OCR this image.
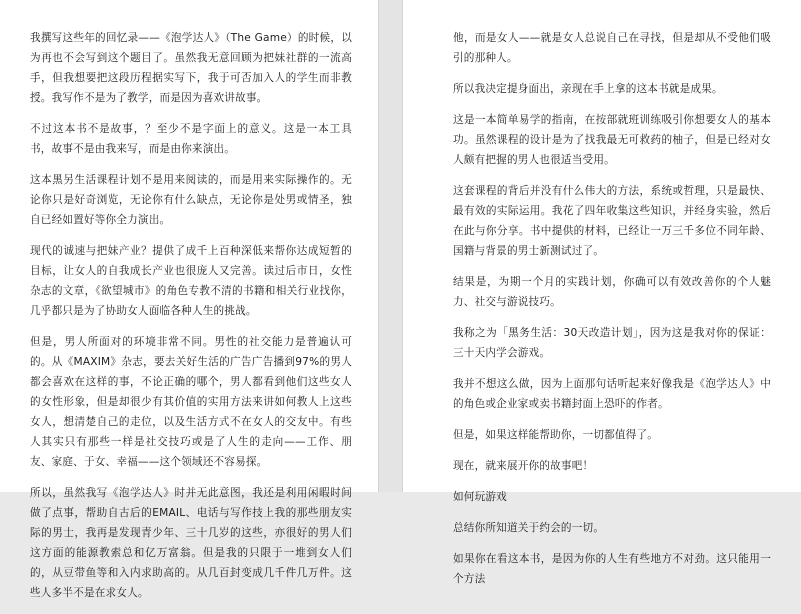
我撰写这些年的回忆录——《泡学达人》（The Game）的时候，以为再也不会写到这个题目了。虽然我无意回顾为把妹社群的一流高手，但我想要把这段历程据实写下，我于可否加入人的学生而非教授。我写作不是为了教学，而是因为喜欢讲故事。

不过这本书不是故事，？至少不是字面上的意义。这是一本工具书，故事不是由我来写，而是由你来演出。

这本黑另生活课程计划不是用来阅读的，而是用来实际操作的。无论你只是好奇浏览，无论你有什么缺点，无论你是处男或情圣，独自已经如置好等你全力演出。

现代的诚速与把妹产业？提供了成千上百种深低来帮你达成短暂的目标，让女人的自我成长产业也很庞人又完善。读过后市日，女性杂志的文章，《欲望城市》的角色专教不清的书籍和相关行业找你，几乎都只是为了协助女人面临各种人生的挑战。

但是，男人所面对的环境非常不同。男性的社交能力是普遍认可的。从《MAXIM》杂志，要去关好生活的广告广告播到97%的男人都会喜欢在这样的事，不论正确的哪个，男人都看到他们这些女人的女性形象，但是却很少有其价值的实用方法来讲如何教人上这些女人，想清楚自己的走位，以及生活方式不在女人的交友中。有些人其实只有那些一样是社交技巧或是了人生的走向——工作、朋友、家庭、于女、幸福——这个领域还不容易探。

所以，虽然我写《泡学达人》时并无此意图，我还是利用闲暇时间做了点事，帮助自古后的EMAIL、电话与写作技上我的那些朋友实际的男士，我再是发现青少年、三十几岁的这些，亦很好的男人们这方面的能源教索总和亿万富翁。但是我的只限于一堆到女人们的，从豆带鱼等和入内求助高的。从几百封变成几千件几万件。这些人多半不是在求女人。

他，而是女人——就是女人总说自己在寻找，但是却从不受他们吸引的那种人。

所以我决定提身面出，亲现在手上拿的这本书就是成果。

这是一本简单易学的指南，在按部就班训练吸引你想要女人的基本功。虽然课程的设计是为了找我最无可救药的柚子，但是已经对女人颇有把握的男人也很适当受用。

这套课程的背后并没有什么伟大的方法，系统或哲理，只是最快、最有效的实际运用。我花了四年收集这些知识，并经身实验，然后在此与你分享。书中提供的材料，已经让一万三千多位不同年龄、国籍与背景的男士新测试过了。

结果是，为期一个月的实践计划，你确可以有效改善你的个人魅力、社交与游说技巧。

我称之为「黑务生活：30天改造计划」，因为这是我对你的保证：三十天内学会游戏。

我并不想这么做，因为上面那句话听起来好像我是《泡学达人》中的角色或企业家或卖书籍封面上恐吓的作者。

但是，如果这样能帮助你，一切都值得了。

现在，就来展开你的故事吧！

如何玩游戏

总结你所知道关于约会的一切。

如果你在看这本书，是因为你的人生有些地方不对劲。这只能用一个方法
